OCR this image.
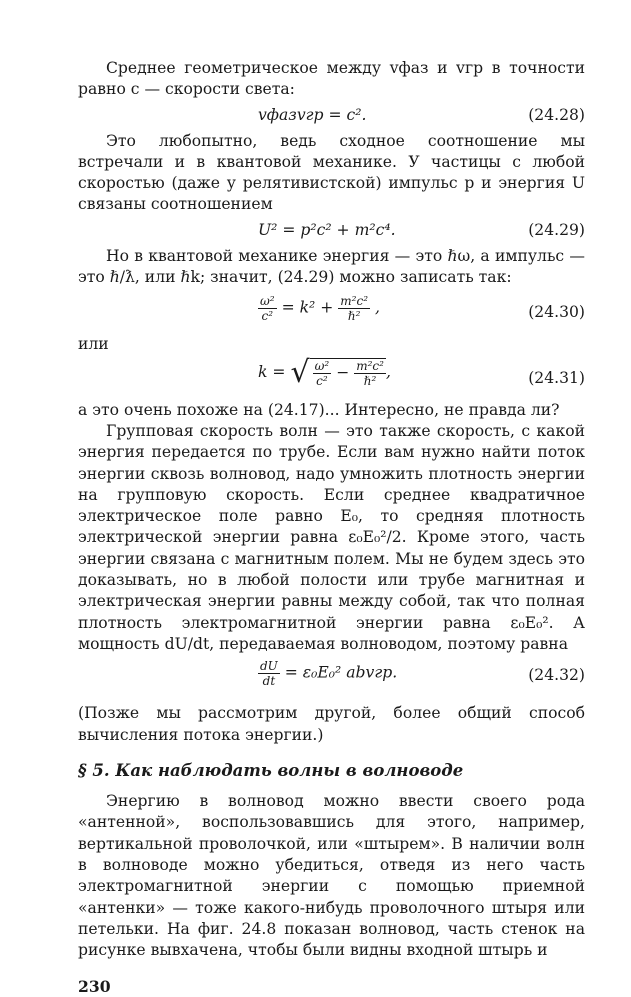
Среднее геометрическое между vфаз и vгр в точности равно c — скорости света:

vфазvгр = c².	(24.28)

Это любопытно, ведь сходное соотношение мы встречали и в квантовой механике. У частицы с любой скоростью (даже у релятивистской) импульс p и энергия U связаны соотношением

U² = p²c² + m²c⁴.	(24.29)

Но в квантовой механике энергия — это ℏω, а импульс — это ℏ/ƛ, или ℏk; значит, (24.29) можно записать так:

$\frac{\text{ω²}}{\text{c²}} = k^2 + \frac{\text{m²c²}}{\text{ℏ²}}$ ,	(24.30)

или

k = √ $\frac{\text{ω²}}{\text{c²}} - \frac{\text{m²c²}}{\text{ℏ²}}$ ,	(24.31)

а это очень похоже на (24.17)... Интересно, не правда ли?

Групповая скорость волн — это также скорость, с какой энергия передается по трубе. Если вам нужно найти поток энергии сквозь волновод, надо умножить плотность энергии на групповую скорость. Если среднее квадратичное электрическое поле равно E₀, то средняя плотность электрической энергии равна ε₀E₀²/2. Кроме этого, часть энергии связана с магнитным полем. Мы не будем здесь это доказывать, но в любой полости или трубе магнитная и электрическая энергии равны между собой, так что полная плотность электромагнитной энергии равна ε₀E₀². А мощность dU/dt, передаваемая волноводом, поэтому равна

$\frac{dU}{dt} = \varepsilon_0E_0^2$ abvгр.	(24.32)

(Позже мы рассмотрим другой, более общий способ вычисления потока энергии.)

§ 5. Как наблюдать волны в волноводе

Энергию в волновод можно ввести своего рода «антенной», воспользовавшись для этого, например, вертикальной проволочкой, или «штырем». В наличии волн в волноводе можно убедиться, отведя из него часть электромагнитной энергии с помощью приемной «антенки» — тоже какого-нибудь проволочного штыря или петельки. На фиг. 24.8 показан волновод, часть стенок на рисунке вывхачена, чтобы были видны входной штырь и

230
